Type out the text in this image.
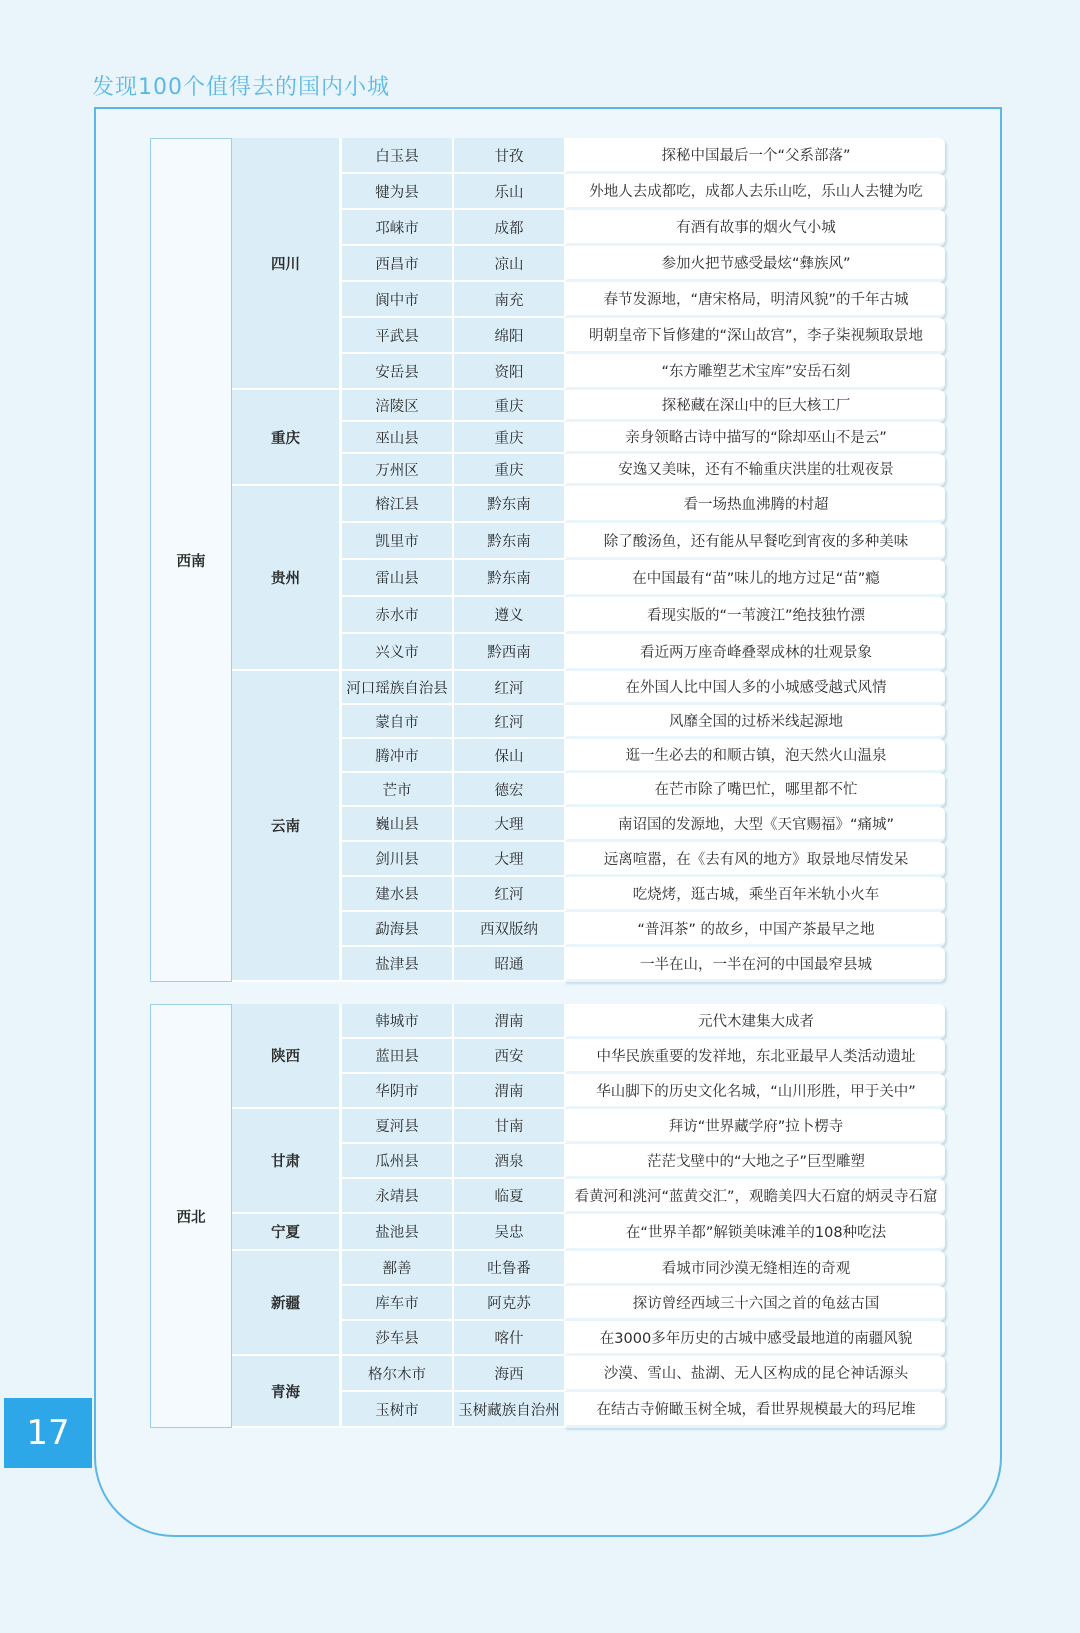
发现100个值得去的国内小城
17
西南	四川	白玉县	甘孜	探秘中国最后一个“父系部落”
		犍为县	乐山	外地人去成都吃，成都人去乐山吃，乐山人去犍为吃
		邛崃市	成都	有酒有故事的烟火气小城
		西昌市	凉山	参加火把节感受最炫“彝族风”
		阆中市	南充	春节发源地，“唐宋格局，明清风貌”的千年古城
		平武县	绵阳	明朝皇帝下旨修建的“深山故宫”，李子柒视频取景地
		安岳县	资阳	“东方雕塑艺术宝库”安岳石刻
	重庆	涪陵区	重庆	探秘藏在深山中的巨大核工厂
		巫山县	重庆	亲身领略古诗中描写的“除却巫山不是云”
		万州区	重庆	安逸又美味，还有不输重庆洪崖的壮观夜景
	贵州	榕江县	黔东南	看一场热血沸腾的村超
		凯里市	黔东南	除了酸汤鱼，还有能从早餐吃到宵夜的多种美味
		雷山县	黔东南	在中国最有“苗”味儿的地方过足“苗”瘾
		赤水市	遵义	看现实版的“一苇渡江”绝技独竹漂
		兴义市	黔西南	看近两万座奇峰叠翠成林的壮观景象
	云南	河口瑶族自治县	红河	在外国人比中国人多的小城感受越式风情
		蒙自市	红河	风靡全国的过桥米线起源地
		腾冲市	保山	逛一生必去的和顺古镇，泡天然火山温泉
		芒市	德宏	在芒市除了嘴巴忙，哪里都不忙
		巍山县	大理	南诏国的发源地，大型《天官赐福》“痛城”
		剑川县	大理	远离喧嚣，在《去有风的地方》取景地尽情发呆
		建水县	红河	吃烧烤，逛古城，乘坐百年米轨小火车
		勐海县	西双版纳	“普洱茶” 的故乡，中国产茶最早之地
		盐津县	昭通	一半在山，一半在河的中国最窄县城
西北	陕西	韩城市	渭南	元代木建集大成者
		蓝田县	西安	中华民族重要的发祥地，东北亚最早人类活动遗址
		华阴市	渭南	华山脚下的历史文化名城，“山川形胜，甲于关中”
	甘肃	夏河县	甘南	拜访“世界藏学府”拉卜楞寺
		瓜州县	酒泉	茫茫戈壁中的“大地之子”巨型雕塑
		永靖县	临夏	看黄河和洮河“蓝黄交汇”，观瞻美四大石窟的炳灵寺石窟
	宁夏	盐池县	吴忠	在“世界羊都”解锁美味滩羊的108种吃法
	新疆	鄯善	吐鲁番	看城市同沙漠无缝相连的奇观
		库车市	阿克苏	探访曾经西域三十六国之首的龟兹古国
		莎车县	喀什	在3000多年历史的古城中感受最地道的南疆风貌
	青海	格尔木市	海西	沙漠、雪山、盐湖、无人区构成的昆仑神话源头
		玉树市	玉树藏族自治州	在结古寺俯瞰玉树全城，看世界规模最大的玛尼堆
